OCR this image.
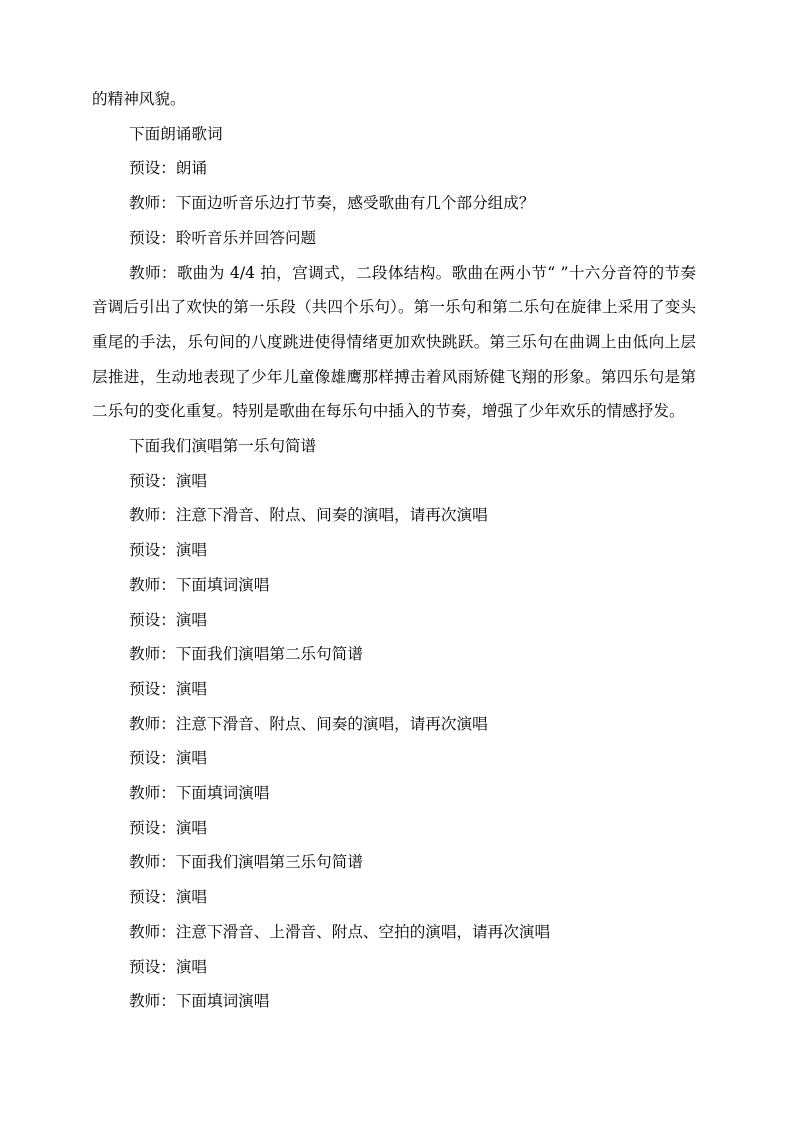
的精神风貌。

下面朗诵歌词

预设：朗诵

教师：下面边听音乐边打节奏，感受歌曲有几个部分组成？

预设：聆听音乐并回答问题

教师：歌曲为 4/4 拍，宫调式，二段体结构。歌曲在两小节“ ”十六分音符的节奏音调后引出了欢快的第一乐段（共四个乐句）。第一乐句和第二乐句在旋律上采用了变头重尾的手法，乐句间的八度跳进使得情绪更加欢快跳跃。第三乐句在曲调上由低向上层层推进，生动地表现了少年儿童像雄鹰那样搏击着风雨矫健飞翔的形象。第四乐句是第二乐句的变化重复。特别是歌曲在每乐句中插入的节奏，增强了少年欢乐的情感抒发。

下面我们演唱第一乐句简谱

预设：演唱

教师：注意下滑音、附点、间奏的演唱，请再次演唱

预设：演唱

教师：下面填词演唱

预设：演唱

教师：下面我们演唱第二乐句简谱

预设：演唱

教师：注意下滑音、附点、间奏的演唱，请再次演唱

预设：演唱

教师：下面填词演唱

预设：演唱

教师：下面我们演唱第三乐句简谱

预设：演唱

教师：注意下滑音、上滑音、附点、空拍的演唱，请再次演唱

预设：演唱

教师：下面填词演唱
